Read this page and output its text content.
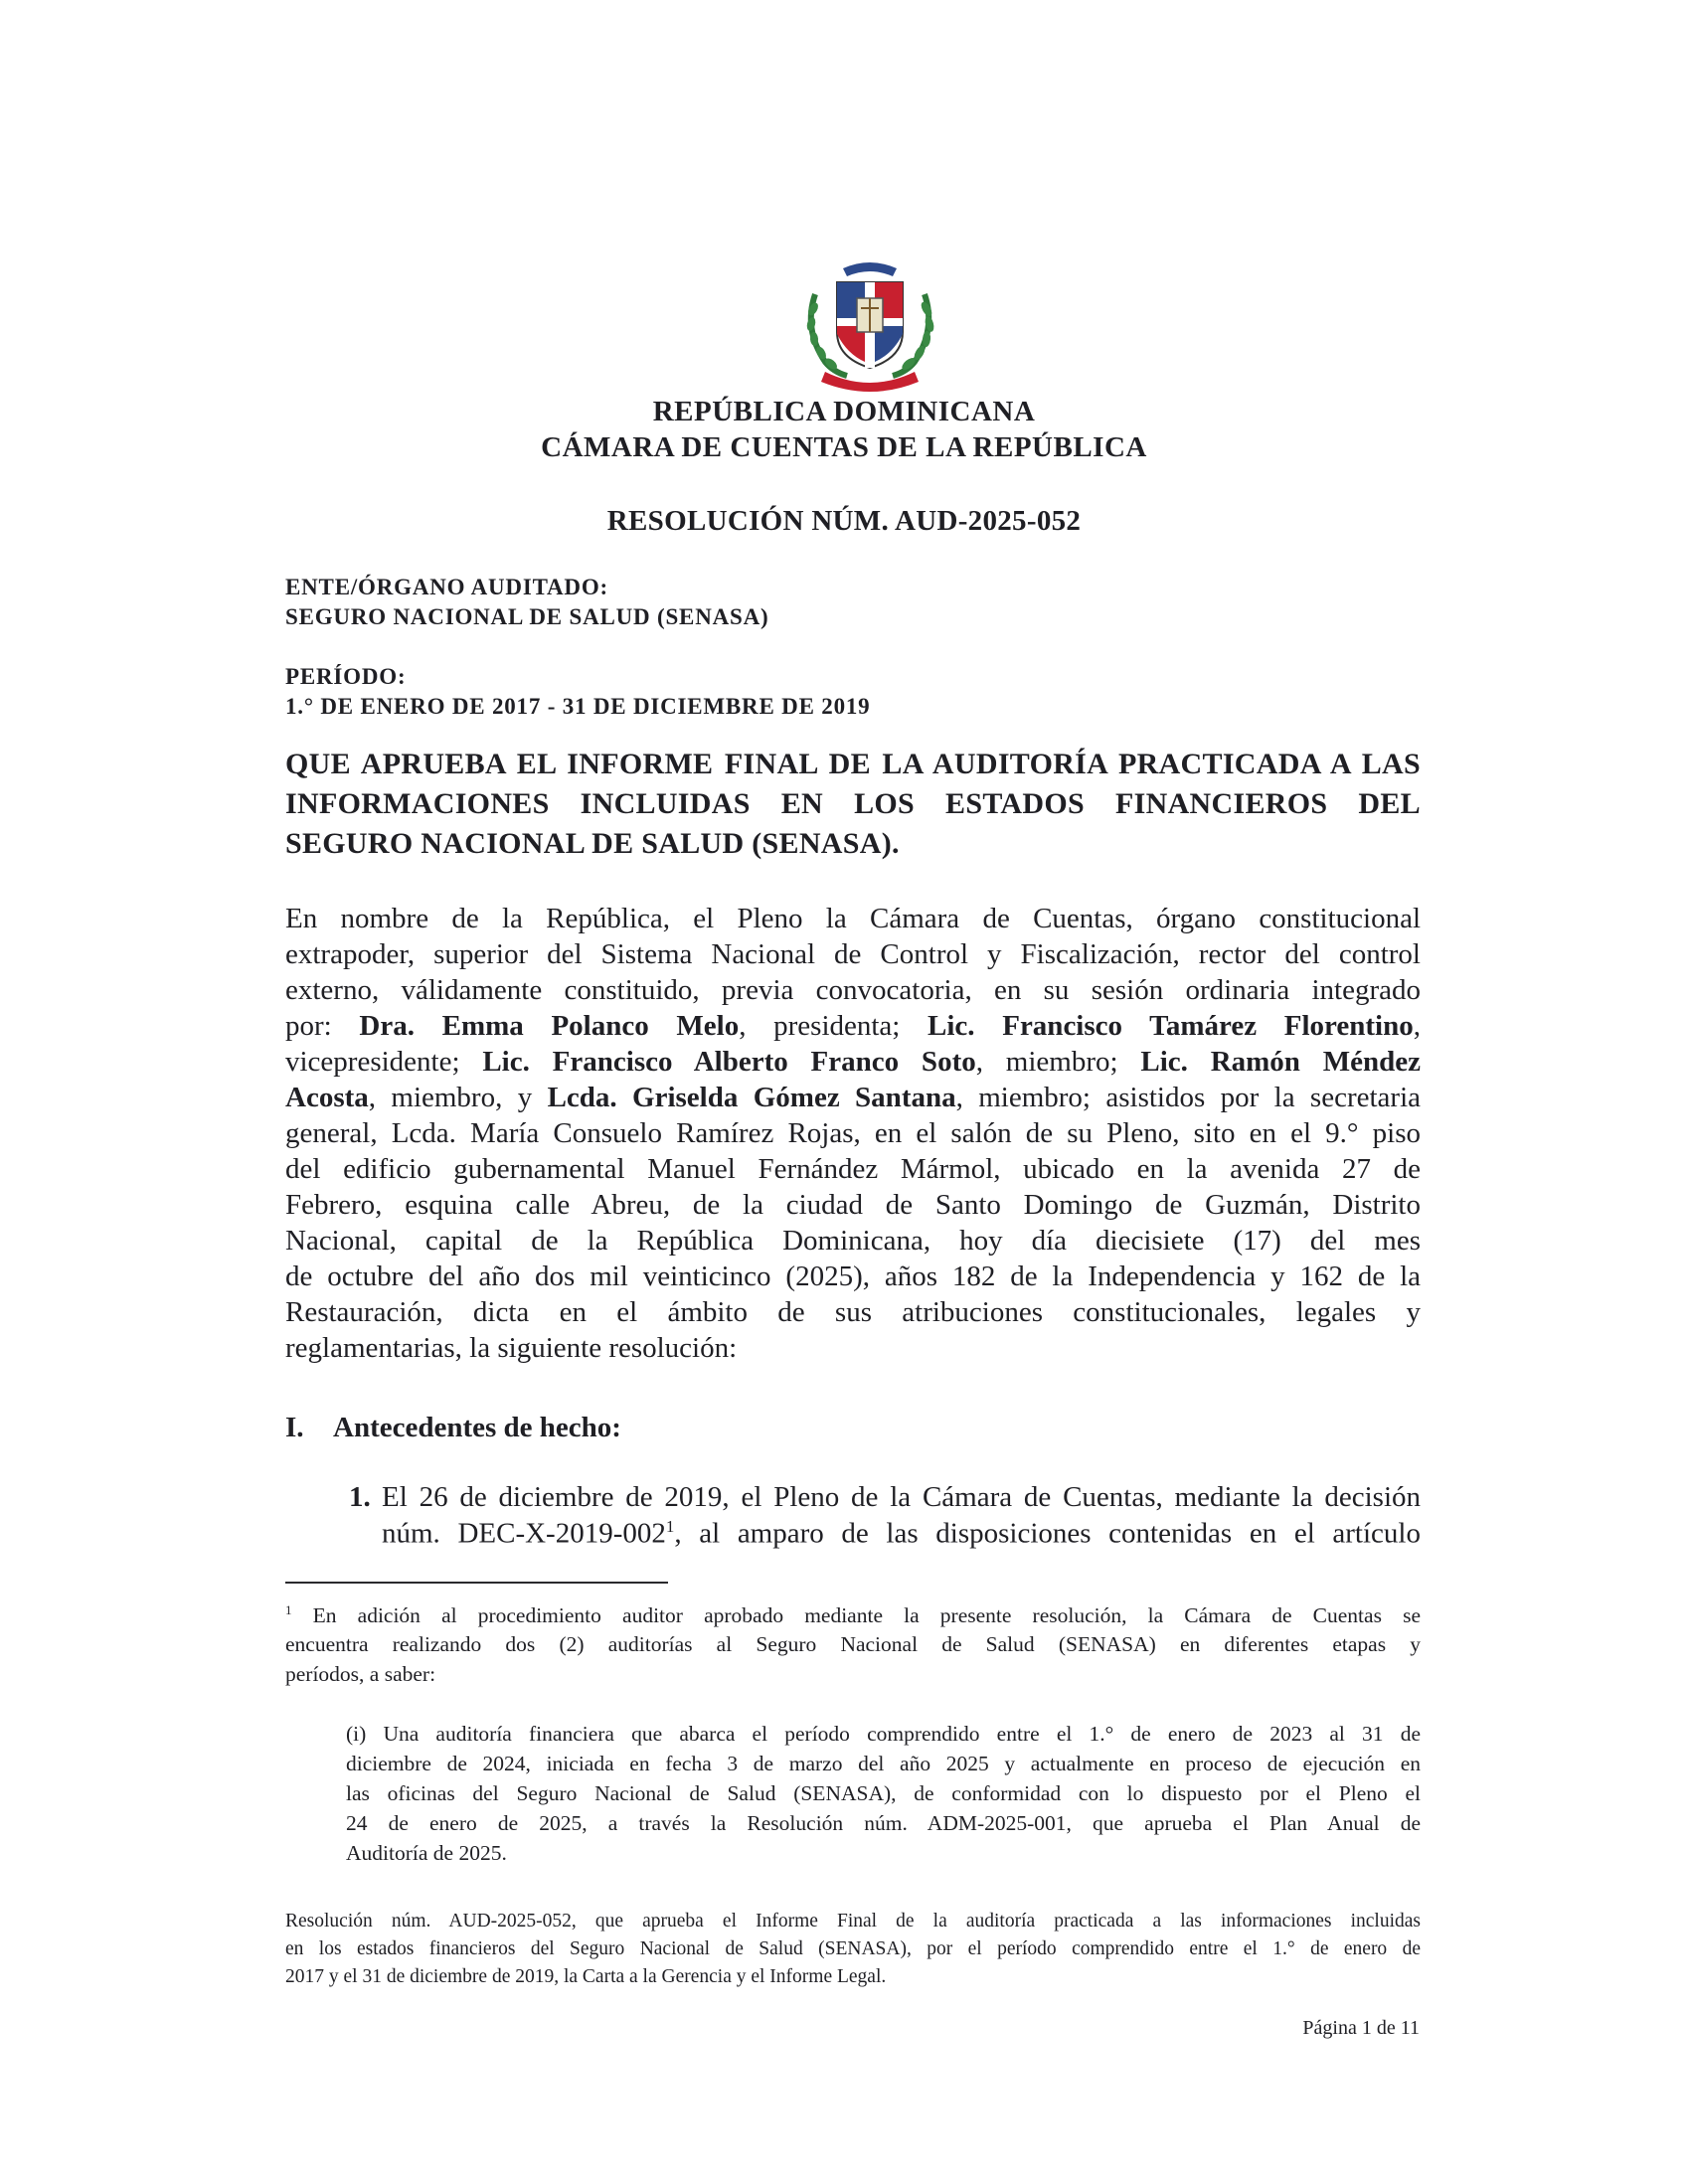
REPÚBLICA DOMINICANA
CÁMARA DE CUENTAS DE LA REPÚBLICA
RESOLUCIÓN NÚM. AUD-2025-052
ENTE/ÓRGANO AUDITADO:
SEGURO NACIONAL DE SALUD (SENASA)
PERÍODO:
1.° DE ENERO DE 2017 - 31 DE DICIEMBRE DE 2019
QUE APRUEBA EL INFORME FINAL DE LA AUDITORÍA PRACTICADA A LAS
INFORMACIONES INCLUIDAS EN LOS ESTADOS FINANCIEROS DEL
SEGURO NACIONAL DE SALUD (SENASA).
En nombre de la República, el Pleno la Cámara de Cuentas, órgano constitucional
extrapoder, superior del Sistema Nacional de Control y Fiscalización, rector del control
externo, válidamente constituido, previa convocatoria, en su sesión ordinaria integrado
por: Dra. Emma Polanco Melo, presidenta; Lic. Francisco Tamárez Florentino,
vicepresidente; Lic. Francisco Alberto Franco Soto, miembro; Lic. Ramón Méndez
Acosta, miembro, y Lcda. Griselda Gómez Santana, miembro; asistidos por la secretaria
general, Lcda. María Consuelo Ramírez Rojas, en el salón de su Pleno, sito en el 9.° piso
del edificio gubernamental Manuel Fernández Mármol, ubicado en la avenida 27 de
Febrero, esquina calle Abreu, de la ciudad de Santo Domingo de Guzmán, Distrito
Nacional, capital de la República Dominicana, hoy día diecisiete (17) del mes
de octubre del año dos mil veinticinco (2025), años 182 de la Independencia y 162 de la
Restauración, dicta en el ámbito de sus atribuciones constitucionales, legales y
reglamentarias, la siguiente resolución:
I. Antecedentes de hecho:
1. El 26 de diciembre de 2019, el Pleno de la Cámara de Cuentas, mediante la decisión
núm. DEC-$X-2019-002^1$, al amparo de las disposiciones contenidas en el artículo
$^1$ En adición al procedimiento auditor aprobado mediante la presente resolución, la Cámara de Cuentas se
encuentra realizando dos (2) auditorías al Seguro Nacional de Salud (SENASA) en diferentes etapas y
períodos, a saber:
(i) Una auditoría financiera que abarca el período comprendido entre el 1.° de enero de 2023 al 31 de
diciembre de 2024, iniciada en fecha 3 de marzo del año 2025 y actualmente en proceso de ejecución en
las oficinas del Seguro Nacional de Salud (SENASA), de conformidad con lo dispuesto por el Pleno el
24 de enero de 2025, a través la Resolución núm. ADM-2025-001, que aprueba el Plan Anual de
Auditoría de 2025.
Resolución núm. AUD-2025-052, que aprueba el Informe Final de la auditoría practicada a las informaciones incluidas
en los estados financieros del Seguro Nacional de Salud (SENASA), por el período comprendido entre el 1.° de enero de
2017 y el 31 de diciembre de 2019, la Carta a la Gerencia y el Informe Legal.
Página 1 de 11
